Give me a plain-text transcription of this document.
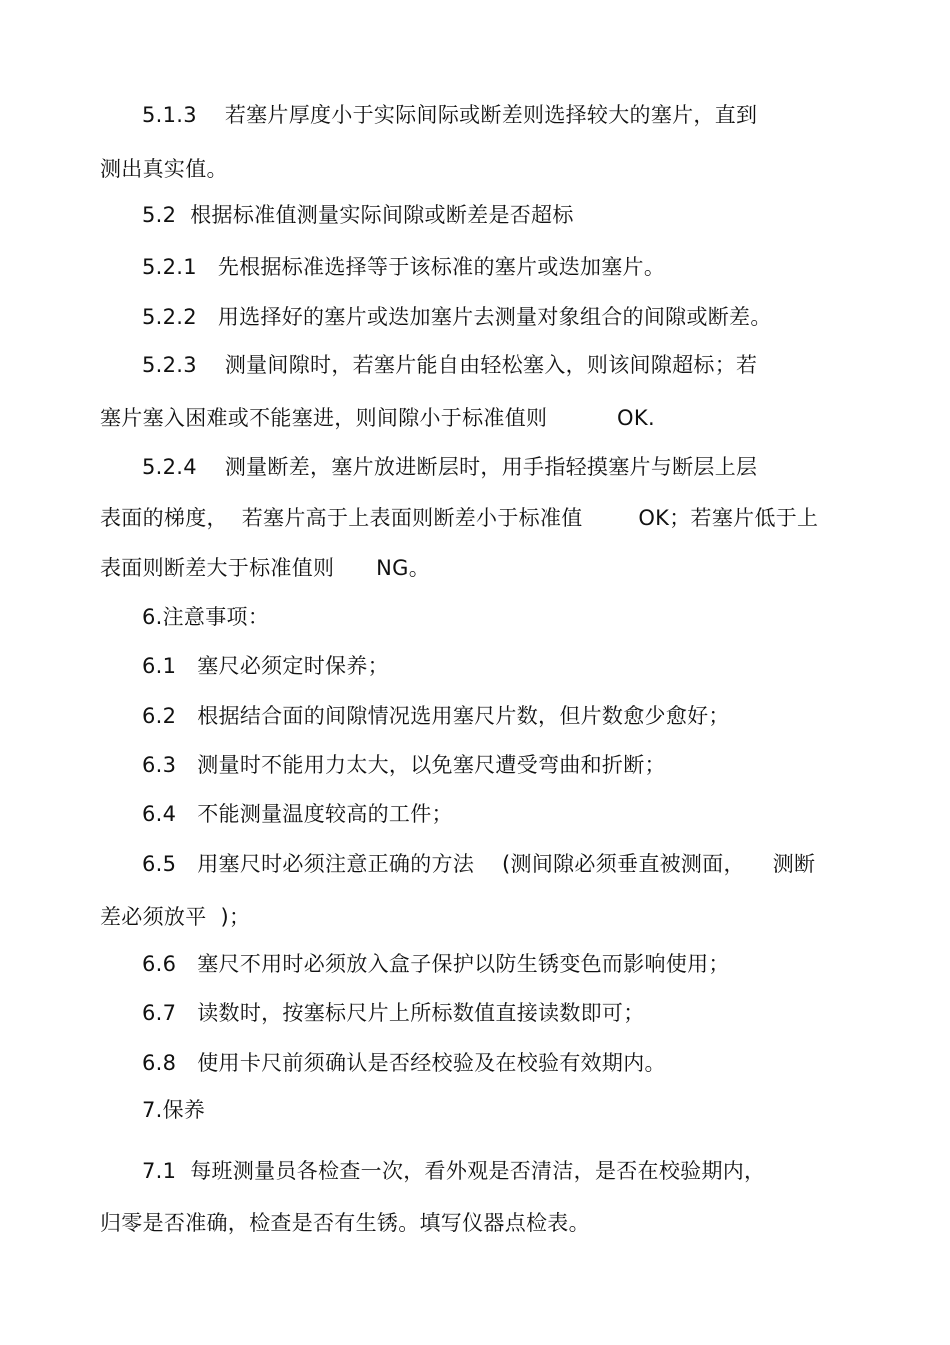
5.1.3    若塞片厚度小于实际间际或断差则选择较大的塞片，直到
测出真实值。
5.2  根据标准值测量实际间隙或断差是否超标
5.2.1   先根据标准选择等于该标准的塞片或迭加塞片。
5.2.2   用选择好的塞片或迭加塞片去测量对象组合的间隙或断差。
5.2.3    测量间隙时，若塞片能自由轻松塞入，则该间隙超标；若
塞片塞入困难或不能塞进，则间隙小于标准值则          OK.
5.2.4    测量断差，塞片放进断层时，用手指轻摸塞片与断层上层
表面的梯度，  若塞片高于上表面则断差小于标准值        OK；若塞片低于上
表面则断差大于标准值则      NG。
6.注意事项：
6.1   塞尺必须定时保养；
6.2   根据结合面的间隙情况选用塞尺片数，但片数愈少愈好；
6.3   测量时不能用力太大，以免塞尺遭受弯曲和折断；
6.4   不能测量温度较高的工件；
6.5   用塞尺时必须注意正确的方法    (测间隙必须垂直被测面，    测断
差必须放平  )；
6.6   塞尺不用时必须放入盒子保护以防生锈变色而影响使用；
6.7   读数时，按塞标尺片上所标数值直接读数即可；
6.8   使用卡尺前须确认是否经校验及在校验有效期内。
7.保养
7.1  每班测量员各检查一次，看外观是否清洁，是否在校验期内，
归零是否准确，检查是否有生锈。填写仪器点检表。
